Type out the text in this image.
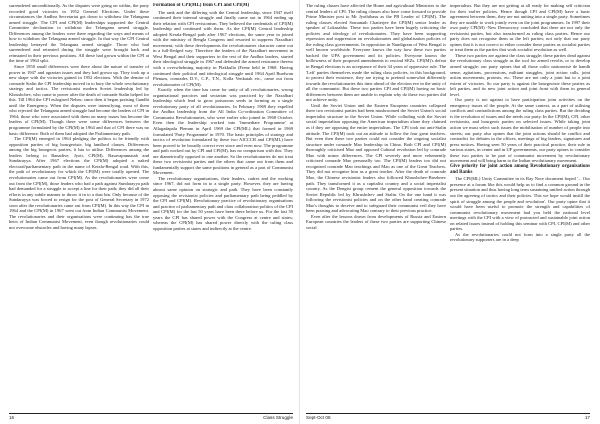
surrendered unconditionally. As the disputes were going on within, the party recorded good victories in 1952 General Elections. Under these circumstances the Andhra Secretariat got down to withdraw the Telangana armed struggle. The CPI and CPI(M) leaderships supported the Central Committee declaration to withdraw the Telangana armed struggle. Differences among the leaders were there regarding the ways and means of how to withdraw the Telangana armed struggle. In that way the CPI Central leadership betrayed the Telangana armed struggle. Those who had surrendered and retreated during the struggle were brought back and reinstated in their previous positions. All these had grown within the CPI at the time of 1964 split.

Since 1950 small differences were there about the nature of transfer of power in 1947 and agrarian issues and they had grown up. They took up a new shape with the victories gained in 1952 elections. With the demise of comrade Stalin the CPI leadership moved in to bury the whole revolutionary strategy and tactics. The revisionist modern Soviet leadership led by Khrushchev, who came to power after the death of comrade Stalin helped for this. Till 1964 the CPI eulogised Nehru; since then it began praising Gandhi until the Emergency. When the disputes were intensifying, most of them who rejected the Telangana armed struggle had become the leaders of CPI in 1964; those who were associated with them on many issues has become the leaders of CPI(M). Though there were some differences between the programme formulated by the CPI(M) in 1964 and that of CPI there was no basic difference. Both of them had adopted the Parliamentary path.

The CPI(M) emerged in 1964 pledging the politics to be friendly with opposition parties of big bourgeoisie, big landlord classes. Differences among the big bourgeois parties, it has to utilise. Differences among the leaders belong to Ranadive, Jyoti, CPI(M), Basavapunnaiah and Sundarayya. After 1967 elections the CPI(M) adopted a naked electoral/parliamentary path in the name of Kerala-Bengal road. With this, the path of revolutionary for which the CPI(M) were totally opened. The revolutionaries came out from CPI(M). As the revolutionaries were come out from the CPI(M), those leaders who had a path against Sundarayya path had demanded for a struggle to accept a line for their path; they did all their efforts in any subtle manner to throw it in to a dust bin. Only because of the Sundarayya was forced to resign for the post of General Secretary in 1972 soon after the revolutionaries came out from CPI(M). In this way the CPI in 1964 and the CPI(M) in 1967 went out from Indian Communist Movement. The revolutionaries and their organisations were continuing has the true heirs of Indian Communist Movement, even though revolutionaries could not overcome obstacles and having many lapses.

Formation of CPI(ML) from CPI and CPI(M)

The rank and the differing with the Central leadership, since 1947 itself continued their internal struggle and finally came out in 1964 ending up their relation with CPI revisionism. They believed the credentials of CPI(M) leadership and continued with them. As the CPI(M) Central leadership adopted Kerala-Bengal path after 1967 elections, the same year in joined with the ministry of Bengla Congress and resorted to suppress Naxalbari movement; with these developments the revolutionaries character came out in a full-fledged way. Therefore the leaders of the Naxalbari movement in West Bengal and their supporters in the rest of the Andhra leaders, started their ideological struggle in 1967 and defended the armed resistance thereto with a overwhelming majority in Plakkulla (Frenz held in 1968. Having continued their political and ideological struggle until 1964 April Burdwan Plenum, comrades D.V., C.P., T.N., Kolla Venkaiah etc., came out from revolutionaries of CPI(M).

Exactly when the time has come for unity of all revolutionaries, wrong organisational practices and sectarian was practiced by the Naxalbari leadership which lead to grow poisonous seeds in forming as a single revolutionary party of all revolutionaries. In February 1969 they expelled the Andhra leadership from the All India Co-ordination Committee of Communist Revolutionaries, who were earlier who joined in 1968 October. Even then the leadership worked into 'Immediate Programme' at Allagadapala Plenum in April 1969 the CPI(ML) that formed in 1969 formulated 'Party Programme' in 1970. The basic principles of strategy and tactics of revolution formulated by these two AICCCR and CPI(ML) have been proved to be broadly correct ever since and even now. The programme and path worked out by CPI and CPI(M), has no comparison with this. They are diametrically opposed to one another. So the revolutionaries do not treat these two revisionist parties and the others that came out from them and fundamentally support the same positions in general as a part of Communist Movement.

The revolutionary organisations, their leaders, cadres and the working since 1967, did not form in to a single party. However, they are having almost same opinion on strategic and path. They have been constantly opposing the revisionist policies and parliamentary path being peddled by the CPI and CPI(M). Revolutionary practice of revolutionary organisations and practice of parliamentary path and class collaboration politics of the CPI and CPI(M) for the last 50 years have been there before us. For the last 50 years the CPI has shared power with the Congress at centre and states; whereas the CPI(M) has shared power directly with the ruling class opposition parties at states and indirectly at the centre.

16	Class Struggle

The ruling classes have affected the Home and agricultural Ministries to the central leaders of CPI. The ruling classes also have come forward to provide Prime Minister post to Mr Jyothibasu as the PB Leader of CPI(M). The ruling classes elected Somanath Chatterjee the CPI(M) senior leader as speaker of Lokasabha. These two parties have been hugely criticizing the policies and ideology of revolutionaries. They have been supporting repression and suppression on revolutionaries and globalisation policies of the ruling class governments. In opposition in Nandigram of West Bengal is well known worldwide. Everyone knows the way how these two parties backed the UPA government and its policies. Everyone knows the hollowness of their proposed amendments to rescind SEZs. CPI(M)'s defeat in Bengal elections is an acceptance of their 34 years of oppressive rule. The 'Left' parties themselves made the ruling class policies, in this background, to protect their existence, they are trying to pretend somewhat differently towards the revolutionaries this time ahead of the election eve in the unity of all the communist. But these two parties CPI and CPI(M) having no basic differences between them are unable to explain why do these two parties did not achieve unity.

Until the Soviet Union and the Eastern European countries collapsed there two revisionist parties had been mushroomed the Soviet Union's social imperialist structure in the Soviet Union. While colluding with the Soviet social imperialism opposing the American imperialism alone they claimed as if they are opposing the entire imperialism. The CPI took out anti-Stalin attitude. The CPI(M) took out an attitude to follow the four great teachers. But even then these two parties could not consider the ongoing socialist structure under comrade Mao leadership in China. Both CPI and CPI(M) thoroughly criticised Mao and opposed Cultural revolution led by comrade Mao with minor differences. The CPI severely and more vehemently criticized comrade Mao personally too. The CPI(M) leaders too did not recognised comrade Mao teachings and Mao as one of the Great Teachers. They did not recognise him as a great teacher. After the death of comrade Mao, the Chinese revisionist leaders also followed Khrushchev-Brezhnev path. They transformed it as a capitalist country and a social imperialist country. As the Dengist group cement the general opposition towards the Soviet Republic led by Khrushchev and Stalin. On the one hand it was following the revisionist policies and on the other hand creating comrade Mao's thoughts to deceive and to safeguard their communist veil they have been praising and advocating Mao contrary to their previous practice.

Even after the lessons drawn from developments of Russia and Eastern European countries the leaders of these two parties are supporting Chinese social

imperialists. But they are not getting at all ready for making self criticism for their earlier policies. Hence though CPI and CPI(M) have a basic agreement between them, they are not uniting into a single party. Sometimes they are unable to work jointly even on the joint programmes. In 1997 their own party CPI(M) -New Democracy concluded that there are not only the revisionist parties, but also transformed as ruling class parties. Hence our party does not recognise them as the left parties; not only that our party opines that it is not correct to either consider these parties as socialist parties or treat them as the parties that work socialist revolution as well.

These two parties are against the class struggle; these parties dead against the revolutionary class struggle as the tool for armed revolts, or to develop armed struggle; our party opines that all those cultic nationwise de bandh sense, agitations, processions, militant struggles, joint action calls, joint action movements, protests, etc. These are not only a joint but to a joint extent of victories. So our party is against the bourgeoisie these parties as left parties, and its new joint action and joint front with them in general level.

Our party is not against to have participation joint activities on the emergency issues of the people. At the same context, as a part of utilising conflicts and contradictions among the ruling class parties. But the deciding is the revolution of issues and the needs our party. In the CPI(M), CPI, other revisionist, and bourgeois parties on selected issues. While taking joint action we must select such issues the mobilisation of number of people into streets; our party also opines that the joint actions should be conflict and contradict for debates in the offices, meetings of big leaders, signatures and press notices. Having seen 50 years of their practical practice, their rule in various states, in center and in UF governments, our party opines to consider these two parties to be part of communist movement by revolutionary movement and will bring harm to the Indian revolutionary movement.

Give priority for joint action among Revolutionary organisations and Ranks

The CPI(ML) Unity Committee in its Ray Nore document hoped '... Our presence at a forum like this would help us to find a common ground in the present situation and thus having long term sustaining unified action through out the agreeing of tactics and their policies. This we hope would instill the spirit of struggle among the people and revolution'. Our party opine that it would have been useful to promote the strength and capabilities of communist revolutionary movement had you held the national level meetings with the CPI with a view of protracted and sustainable joint action on related issues instead of holding this seminar with CPI, CPI(M) and other parties.

As the revolutionaries could not form into a single party all the revolutionary supporters are in a deep

Sept-Oct 08	17
